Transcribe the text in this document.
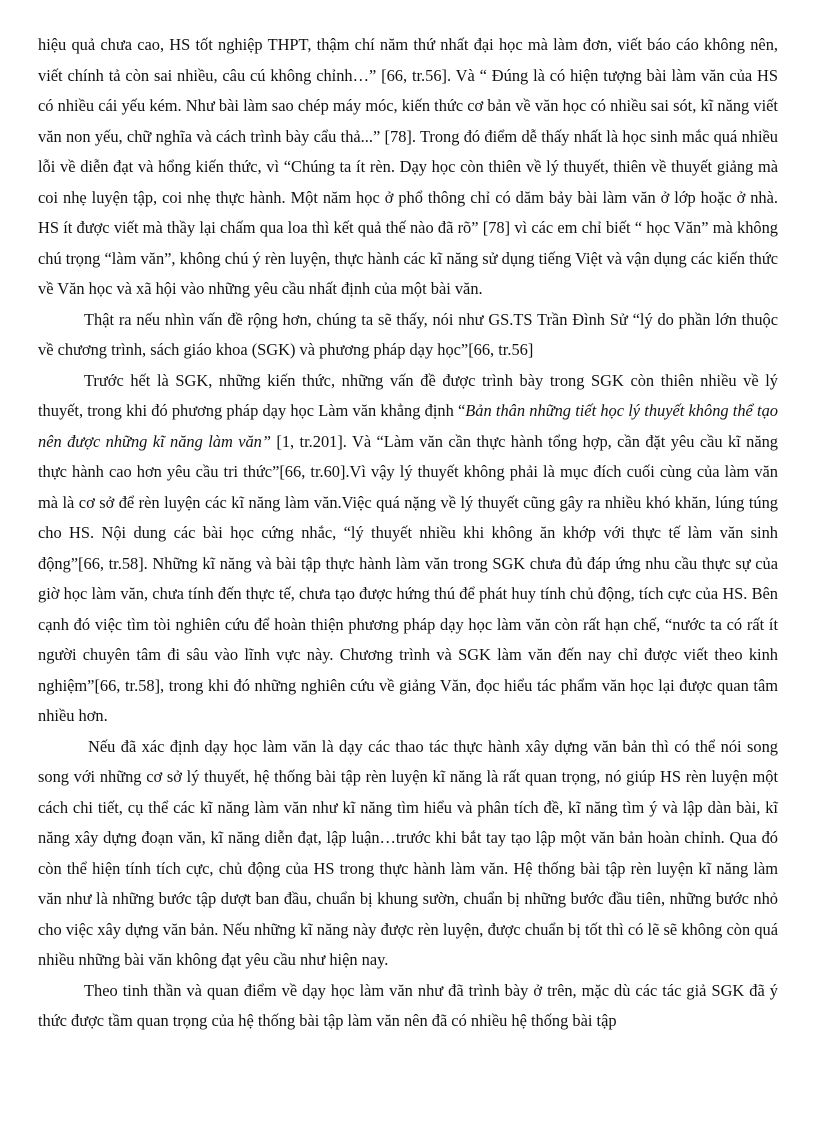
hiệu quả chưa cao, HS tốt nghiệp THPT, thậm chí năm thứ nhất đại học mà làm đơn, viết báo cáo không nên, viết chính tả còn sai nhiều, câu cú không chỉnh…” [66, tr.56]. Và “ Đúng là có hiện tượng bài làm văn của HS có nhiều cái yếu kém. Như bài làm sao chép máy móc, kiến thức cơ bản về văn học có nhiều sai sót, kĩ năng viết văn non yếu, chữ nghĩa và cách trình bày cẩu thả...” [78]. Trong đó điểm dễ thấy nhất là học sinh mắc quá nhiều lỗi về diễn đạt và hổng kiến thức, vì “Chúng ta ít rèn. Dạy học còn thiên về lý thuyết, thiên về thuyết giảng mà coi nhẹ luyện tập, coi nhẹ thực hành. Một năm học ở phổ thông chỉ có dăm bảy bài làm văn ở lớp hoặc ở nhà. HS ít được viết mà thầy lại chấm qua loa thì kết quả thế nào đã rõ” [78] vì các em chỉ biết “ học Văn” mà không chú trọng “làm văn”, không chú ý rèn luyện, thực hành các kĩ năng sử dụng tiếng Việt và vận dụng các kiến thức về Văn học và xã hội vào những yêu cầu nhất định của một bài văn.

Thật ra nếu nhìn vấn đề rộng hơn, chúng ta sẽ thấy, nói như GS.TS Trần Đình Sử “lý do phần lớn thuộc về chương trình, sách giáo khoa (SGK) và phương pháp dạy học”[66, tr.56]

Trước hết là SGK, những kiến thức, những vấn đề được trình bày trong SGK còn thiên nhiều về lý thuyết, trong khi đó phương pháp dạy học Làm văn khẳng định “Bản thân những tiết học lý thuyết không thể tạo nên được những kĩ năng làm văn” [1, tr.201]. Và “Làm văn cần thực hành tổng hợp, cần đặt yêu cầu kĩ năng thực hành cao hơn yêu cầu tri thức”[66, tr.60].Vì vậy lý thuyết không phải là mục đích cuối cùng của làm văn mà là cơ sở để rèn luyện các kĩ năng làm văn.Việc quá nặng về lý thuyết cũng gây ra nhiều khó khăn, lúng túng cho HS. Nội dung các bài học cứng nhắc, “lý thuyết nhiều khi không ăn khớp với thực tế làm văn sinh động”[66, tr.58]. Những kĩ năng và bài tập thực hành làm văn trong SGK chưa đủ đáp ứng nhu cầu thực sự của giờ học làm văn, chưa tính đến thực tế, chưa tạo được hứng thú để phát huy tính chủ động, tích cực của HS. Bên cạnh đó việc tìm tòi nghiên cứu để hoàn thiện phương pháp dạy học làm văn còn rất hạn chế, “nước ta có rất ít người chuyên tâm đi sâu vào lĩnh vực này. Chương trình và SGK làm văn đến nay chỉ được viết theo kinh nghiệm”[66, tr.58], trong khi đó những nghiên cứu về giảng Văn, đọc hiểu tác phẩm văn học lại được quan tâm nhiều hơn.

Nếu đã xác định dạy học làm văn là dạy các thao tác thực hành xây dựng văn bản thì có thể nói song song với những cơ sở lý thuyết, hệ thống bài tập rèn luyện kĩ năng là rất quan trọng, nó giúp HS rèn luyện một cách chi tiết, cụ thể các kĩ năng làm văn như kĩ năng tìm hiểu và phân tích đề, kĩ năng tìm ý và lập dàn bài, kĩ năng xây dựng đoạn văn, kĩ năng diễn đạt, lập luận…trước khi bắt tay tạo lập một văn bản hoàn chỉnh. Qua đó còn thể hiện tính tích cực, chủ động của HS trong thực hành làm văn. Hệ thống bài tập rèn luyện kĩ năng làm văn như là những bước tập dượt ban đầu, chuẩn bị khung sườn, chuẩn bị những bước đầu tiên, những bước nhỏ cho việc xây dựng văn bản. Nếu những kĩ năng này được rèn luyện, được chuẩn bị tốt thì có lẽ sẽ không còn quá nhiều những bài văn không đạt yêu cầu như hiện nay.

Theo tinh thần và quan điểm về dạy học làm văn như đã trình bày ở trên, mặc dù các tác giả SGK đã ý thức được tầm quan trọng của hệ thống bài tập làm văn nên đã có nhiều hệ thống bài tập
